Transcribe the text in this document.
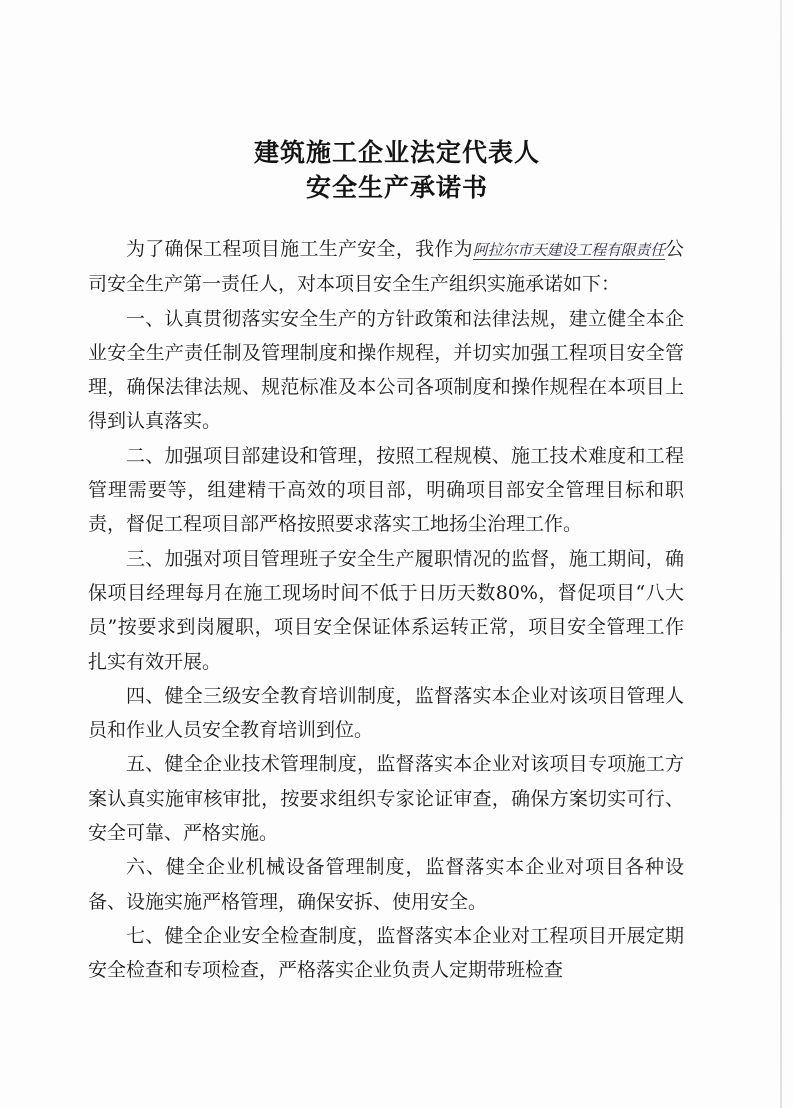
建筑施工企业法定代表人
安全生产承诺书

为了确保工程项目施工生产安全，我作为阿拉尔市天建设工程有限责任公司安全生产第一责任人，对本项目安全生产组织实施承诺如下：

一、认真贯彻落实安全生产的方针政策和法律法规，建立健全本企业安全生产责任制及管理制度和操作规程，并切实加强工程项目安全管理，确保法律法规、规范标准及本公司各项制度和操作规程在本项目上得到认真落实。

二、加强项目部建设和管理，按照工程规模、施工技术难度和工程管理需要等，组建精干高效的项目部，明确项目部安全管理目标和职责，督促工程项目部严格按照要求落实工地扬尘治理工作。

三、加强对项目管理班子安全生产履职情况的监督，施工期间，确保项目经理每月在施工现场时间不低于日历天数80%，督促项目“八大员”按要求到岗履职，项目安全保证体系运转正常，项目安全管理工作扎实有效开展。

四、健全三级安全教育培训制度，监督落实本企业对该项目管理人员和作业人员安全教育培训到位。

五、健全企业技术管理制度，监督落实本企业对该项目专项施工方案认真实施审核审批，按要求组织专家论证审查，确保方案切实可行、安全可靠、严格实施。

六、健全企业机械设备管理制度，监督落实本企业对项目各种设备、设施实施严格管理，确保安拆、使用安全。

七、健全企业安全检查制度，监督落实本企业对工程项目开展定期安全检查和专项检查，严格落实企业负责人定期带班检查
